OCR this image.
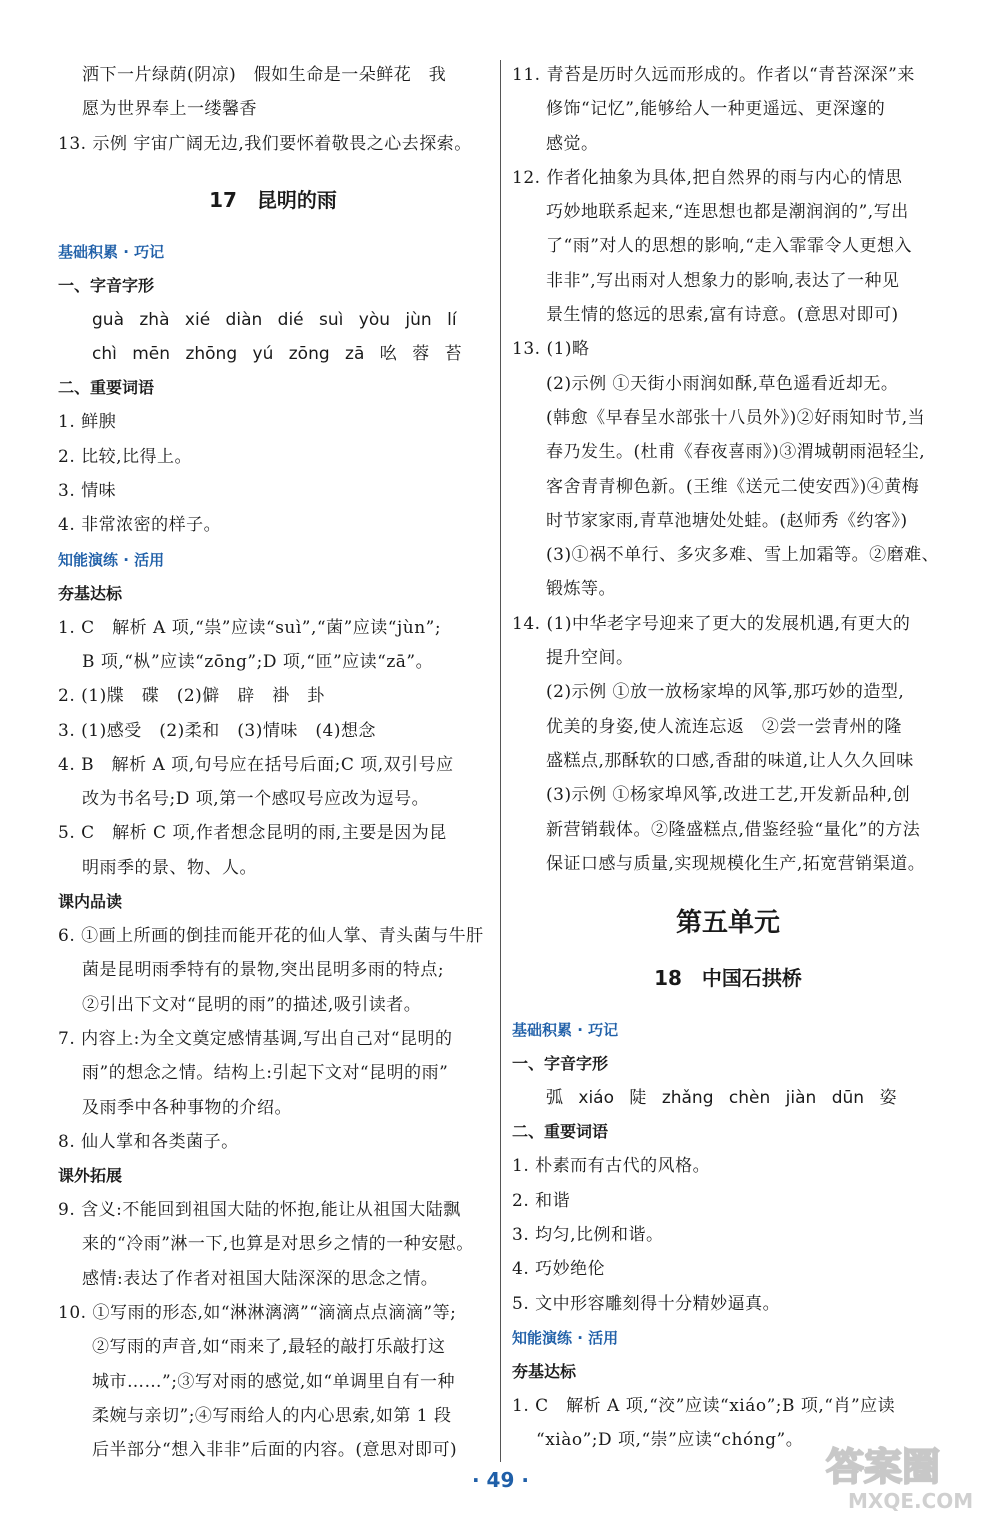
洒下一片绿荫(阴凉)　假如生命是一朵鲜花　我
愿为世界奉上一缕馨香
13. 示例 宇宙广阔无边,我们要怀着敬畏之心去探索。
17　昆明的雨
基础积累 · 巧记
一、字音字形
guà zhà xié diàn dié suì yòu jùn lí
chì mēn zhōng yú zōng zā 吆 蓉 苔
二、重要词语
1. 鲜腴
2. 比较,比得上。
3. 情味
4. 非常浓密的样子。
知能演练 · 活用
夯基达标
1. C　解析 A 项,“祟”应读“suì”,“菌”应读“jùn”;
B 项,“枞”应读“zōng”;D 项,“匝”应读“zā”。
2. (1)牒　碟　(2)僻　辟　褂　卦
3. (1)感受　(2)柔和　(3)情味　(4)想念
4. B　解析 A 项,句号应在括号后面;C 项,双引号应
改为书名号;D 项,第一个感叹号应改为逗号。
5. C　解析 C 项,作者想念昆明的雨,主要是因为昆
明雨季的景、物、人。
课内品读
6. ①画上所画的倒挂而能开花的仙人掌、青头菌与牛肝
菌是昆明雨季特有的景物,突出昆明多雨的特点;
②引出下文对“昆明的雨”的描述,吸引读者。
7. 内容上:为全文奠定感情基调,写出自己对“昆明的
雨”的想念之情。结构上:引起下文对“昆明的雨”
及雨季中各种事物的介绍。
8. 仙人掌和各类菌子。
课外拓展
9. 含义:不能回到祖国大陆的怀抱,能让从祖国大陆飘
来的“冷雨”淋一下,也算是对思乡之情的一种安慰。
感情:表达了作者对祖国大陆深深的思念之情。
10. ①写雨的形态,如“淋淋漓漓”“滴滴点点滴滴”等;
②写雨的声音,如“雨来了,最轻的敲打乐敲打这
城市……”;③写对雨的感觉,如“单调里自有一种
柔婉与亲切”;④写雨给人的内心思索,如第 1 段
后半部分“想入非非”后面的内容。(意思对即可)
11. 青苔是历时久远而形成的。作者以“青苔深深”来
修饰“记忆”,能够给人一种更遥远、更深邃的
感觉。
12. 作者化抽象为具体,把自然界的雨与内心的情思
巧妙地联系起来,“连思想也都是潮润润的”,写出
了“雨”对人的思想的影响,“走入霏霏令人更想入
非非”,写出雨对人想象力的影响,表达了一种见
景生情的悠远的思索,富有诗意。(意思对即可)
13. (1)略
(2)示例 ①天街小雨润如酥,草色遥看近却无。
(韩愈《早春呈水部张十八员外》)②好雨知时节,当
春乃发生。(杜甫《春夜喜雨》)③渭城朝雨浥轻尘,
客舍青青柳色新。(王维《送元二使安西》)④黄梅
时节家家雨,青草池塘处处蛙。(赵师秀《约客》)
(3)①祸不单行、多灾多难、雪上加霜等。②磨难、
锻炼等。
14. (1)中华老字号迎来了更大的发展机遇,有更大的
提升空间。
(2)示例 ①放一放杨家埠的风筝,那巧妙的造型,
优美的身姿,使人流连忘返　②尝一尝青州的隆
盛糕点,那酥软的口感,香甜的味道,让人久久回味
(3)示例 ①杨家埠风筝,改进工艺,开发新品种,创
新营销载体。②隆盛糕点,借鉴经验“量化”的方法
保证口感与质量,实现规模化生产,拓宽营销渠道。
第五单元
18　中国石拱桥
基础积累 · 巧记
一、字音字形
弧 xiáo 陡 zhǎng chèn jiàn dūn 姿
二、重要词语
1. 朴素而有古代的风格。
2. 和谐
3. 均匀,比例和谐。
4. 巧妙绝伦
5. 文中形容雕刻得十分精妙逼真。
知能演练 · 活用
夯基达标
1. C　解析 A 项,“洨”应读“xiáo”;B 项,“肖”应读
“xiào”;D 项,“崇”应读“chóng”。
· 49 ·	答案圈
MXQE.COM
